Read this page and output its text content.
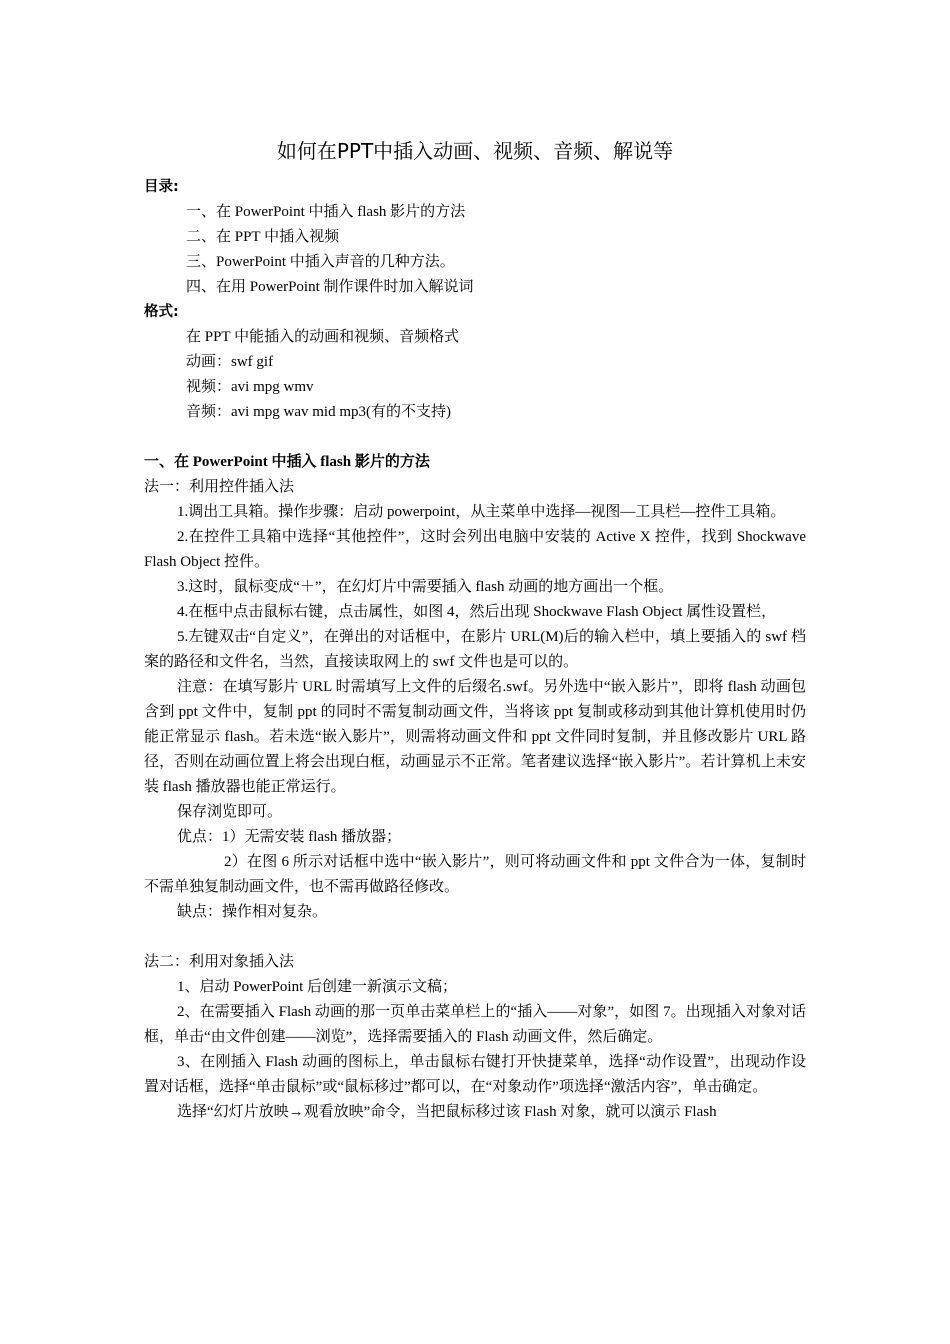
如何在PPT中插入动画、视频、音频、解说等

目录:

一、在 PowerPoint 中插入 flash 影片的方法

二、在 PPT 中插入视频

三、PowerPoint 中插入声音的几种方法。

四、在用 PowerPoint 制作课件时加入解说词

格式:

在 PPT 中能插入的动画和视频、音频格式

动画：swf gif

视频：avi mpg wmv

音频：avi mpg wav mid mp3(有的不支持)

一、在 PowerPoint 中插入 flash 影片的方法

法一：利用控件插入法

1.调出工具箱。操作步骤：启动 powerpoint，从主菜单中选择—视图—工具栏—控件工具箱。

2.在控件工具箱中选择“其他控件”，这时会列出电脑中安装的 Active X 控件，找到 Shockwave Flash Object 控件。

3.这时，鼠标变成“＋”，在幻灯片中需要插入 flash 动画的地方画出一个框。

4.在框中点击鼠标右键，点击属性，如图 4，然后出现 Shockwave Flash Object 属性设置栏，

5.左键双击“自定义”，在弹出的对话框中，在影片 URL(M)后的输入栏中，填上要插入的 swf 档案的路径和文件名，当然，直接读取网上的 swf 文件也是可以的。

注意：在填写影片 URL 时需填写上文件的后缀名.swf。另外选中“嵌入影片”，即将 flash 动画包含到 ppt 文件中，复制 ppt 的同时不需复制动画文件，当将该 ppt 复制或移动到其他计算机使用时仍能正常显示 flash。若未选“嵌入影片”，则需将动画文件和 ppt 文件同时复制，并且修改影片 URL 路径，否则在动画位置上将会出现白框，动画显示不正常。笔者建议选择“嵌入影片”。若计算机上未安装 flash 播放器也能正常运行。

保存浏览即可。

优点：1）无需安装 flash 播放器；

2）在图 6 所示对话框中选中“嵌入影片”，则可将动画文件和 ppt 文件合为一体，复制时不需单独复制动画文件，也不需再做路径修改。

缺点：操作相对复杂。

法二：利用对象插入法

1、启动 PowerPoint 后创建一新演示文稿；

2、在需要插入 Flash 动画的那一页单击菜单栏上的“插入——对象”，如图 7。出现插入对象对话框，单击“由文件创建——浏览”，选择需要插入的 Flash 动画文件，然后确定。

3、在刚插入 Flash 动画的图标上，单击鼠标右键打开快捷菜单，选择“动作设置”，出现动作设置对话框，选择“单击鼠标”或“鼠标移过”都可以，在“对象动作”项选择“激活内容”，单击确定。

选择“幻灯片放映→观看放映”命令，当把鼠标移过该 Flash 对象，就可以演示 Flash
